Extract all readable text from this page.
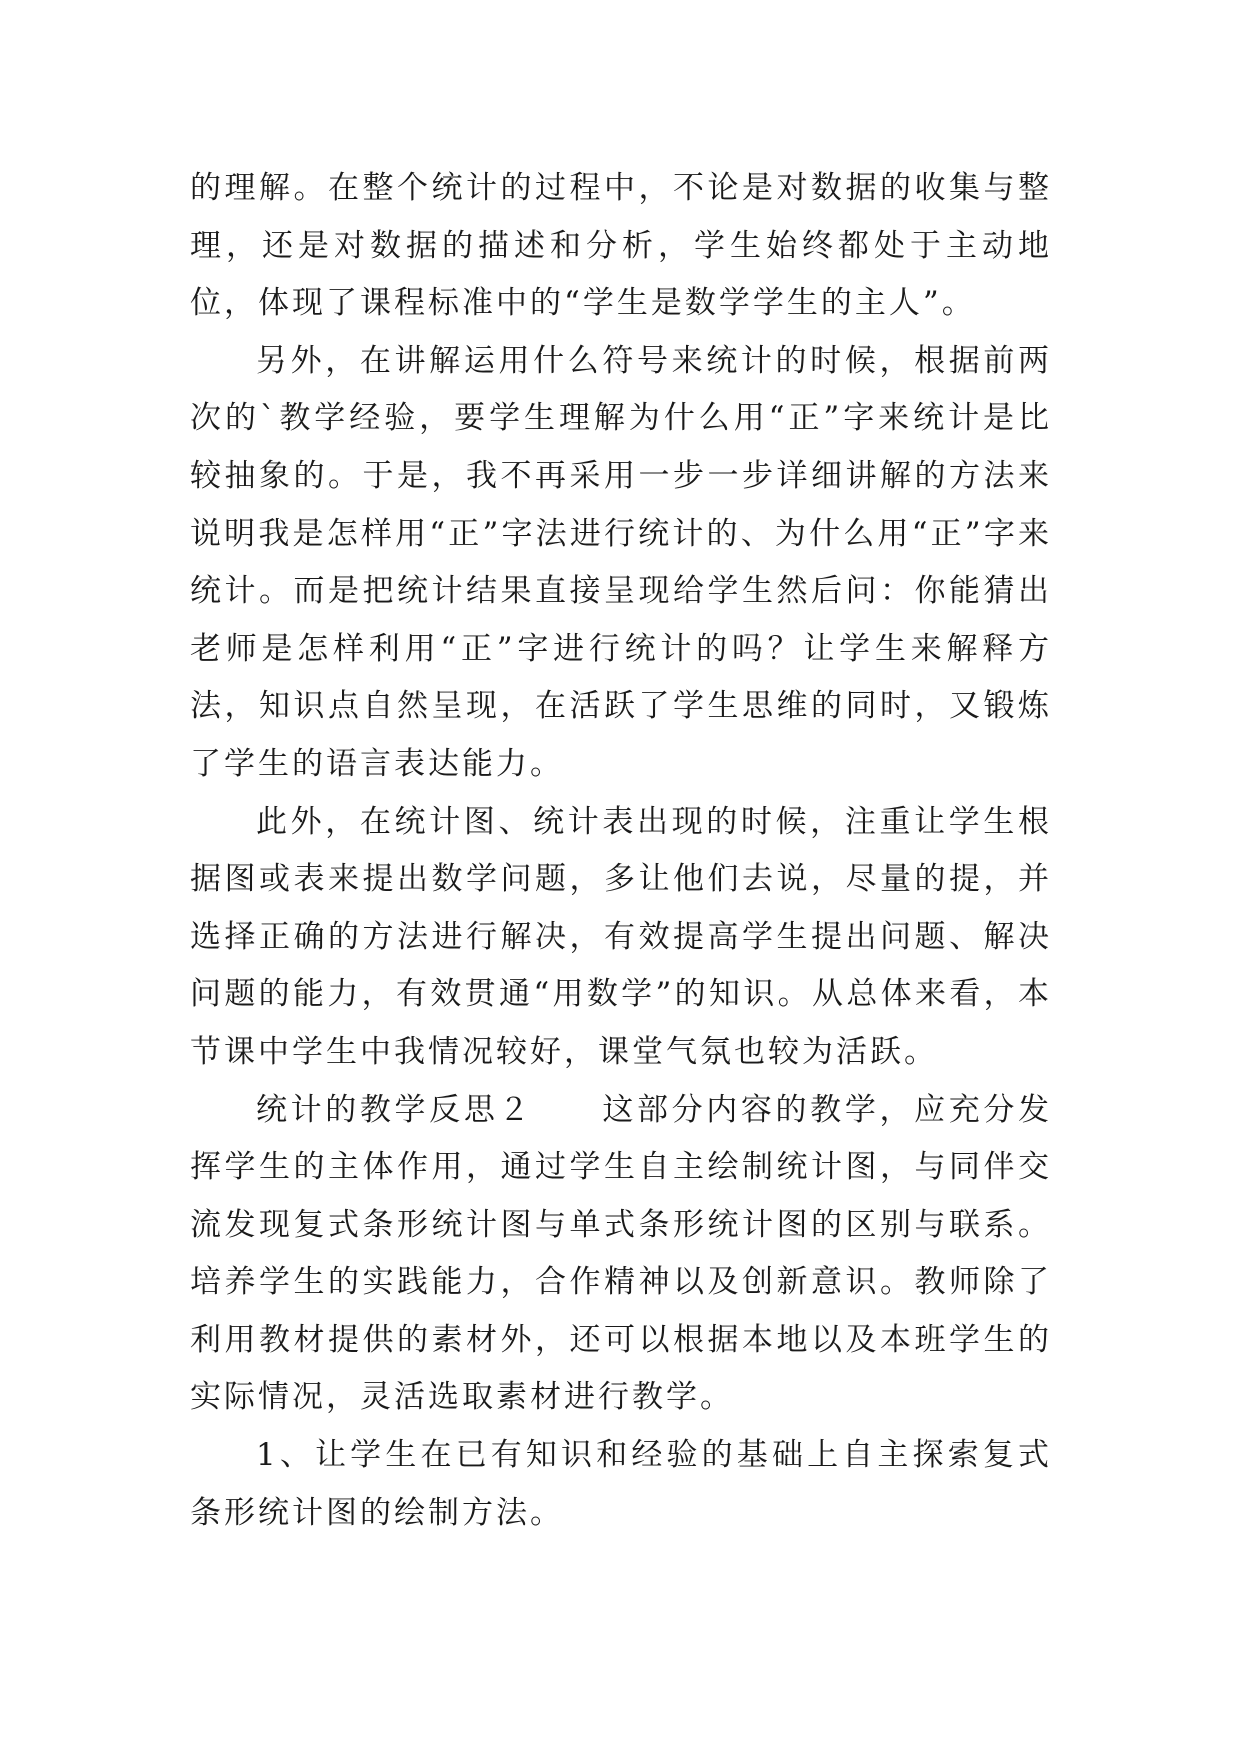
的理解。在整个统计的过程中，不论是对数据的收集与整理，还是对数据的描述和分析，学生始终都处于主动地位，体现了课程标准中的“学生是数学学生的主人”。

另外，在讲解运用什么符号来统计的时候，根据前两次的`教学经验，要学生理解为什么用“正”字来统计是比较抽象的。于是，我不再采用一步一步详细讲解的方法来说明我是怎样用“正”字法进行统计的、为什么用“正”字来统计。而是把统计结果直接呈现给学生然后问：你能猜出老师是怎样利用“正”字进行统计的吗？让学生来解释方法，知识点自然呈现，在活跃了学生思维的同时，又锻炼了学生的语言表达能力。

此外，在统计图、统计表出现的时候，注重让学生根据图或表来提出数学问题，多让他们去说，尽量的提，并选择正确的方法进行解决，有效提高学生提出问题、解决问题的能力，有效贯通“用数学”的知识。从总体来看，本节课中学生中我情况较好，课堂气氛也较为活跃。

统计的教学反思２　　这部分内容的教学，应充分发挥学生的主体作用，通过学生自主绘制统计图，与同伴交流发现复式条形统计图与单式条形统计图的区别与联系。培养学生的实践能力，合作精神以及创新意识。教师除了利用教材提供的素材外，还可以根据本地以及本班学生的实际情况，灵活选取素材进行教学。

1、让学生在已有知识和经验的基础上自主探索复式条形统计图的绘制方法。
